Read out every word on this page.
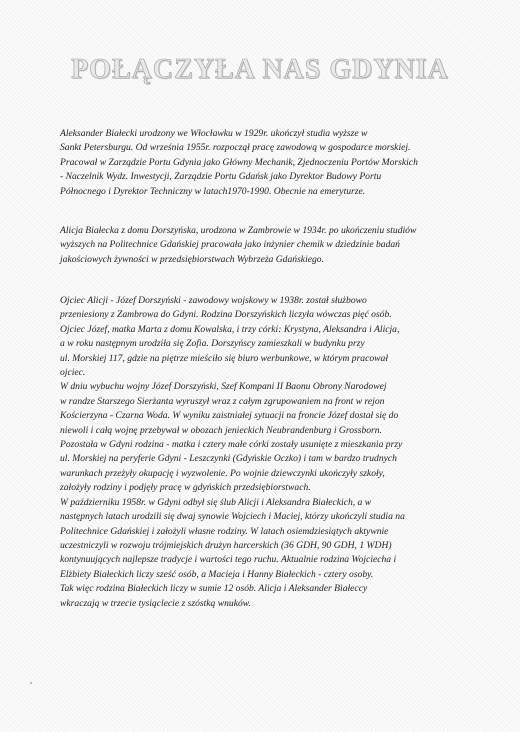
POŁĄCZYŁA NAS GDYNIA
Aleksander Białecki urodzony we Włocławku w 1929r. ukończył studia wyższe w
Sankt Petersburgu. Od września 1955r. rozpoczął pracę zawodową w gospodarce morskiej.
Pracował w Zarządzie Portu Gdynia jako Główny Mechanik, Zjednoczeniu Portów Morskich
- Naczelnik Wydz. Inwestycji, Zarządzie Portu Gdańsk jako Dyrektor Budowy Portu
Północnego i Dyrektor Techniczny w latach1970-1990. Obecnie na emeryturze.
Alicja Białecka z domu Dorszyńska, urodzona w Zambrowie w 1934r. po ukończeniu studiów
wyższych na Politechnice Gdańskiej pracowała jako inżynier chemik w dziedzinie badań
jakościowych żywności w przedsiębiorstwach Wybrzeża Gdańskiego.
Ojciec Alicji - Józef Dorszyński - zawodowy wojskowy w 1938r. został służbowo
przeniesiony z Zambrowa do Gdyni. Rodzina Dorszyńskich liczyła wówczas pięć osób.
Ojciec Józef, matka Marta z domu Kowalska, i trzy córki: Krystyna, Aleksandra i Alicja,
a w roku następnym urodziła się Zofia. Dorszyńscy zamieszkali w budynku przy
ul. Morskiej 117, gdzie na piętrze mieściło się biuro werbunkowe, w którym pracował
ojciec.
W dniu wybuchu wojny Józef Dorszyński, Szef Kompani II Baonu Obrony Narodowej
w randze Starszego Sierżanta wyruszył wraz z całym zgrupowaniem na front w rejon
Kościerzyna - Czarna Woda. W wyniku zaistniałej sytuacji na froncie Józef dostał się do
niewoli i całą wojnę przebywał w obozach jenieckich Neubrandenburg i Grossborn.
Pozostała w Gdyni rodzina - matka i cztery małe córki zostały usunięte z mieszkania przy
ul. Morskiej na peryferie Gdyni - Leszczynki (Gdyńskie Oczko) i tam w bardzo trudnych
warunkach przeżyły okupację i wyzwolenie. Po wojnie dziewczynki ukończyły szkoły,
założyły rodziny i podjęły pracę w gdyńskich przedsiębiorstwach.
W październiku 1958r. w Gdyni odbył się ślub Alicji i Aleksandra Białeckich, a w
następnych latach urodzili się dwaj synowie Wojciech i Maciej, którzy ukończyli studia na
Politechnice Gdańskiej i założyli własne rodziny. W latach osiemdziesiątych aktywnie
uczestniczyli w rozwoju trójmiejskich drużyn harcerskich (36 GDH, 90 GDH, 1 WDH)
kontynuujących najlepsze tradycje i wartości tego ruchu. Aktualnie rodzina Wojciecha i
Elżbiety Białeckich liczy sześć osób, a Macieja i Hanny Białeckich - cztery osoby.
Tak więc rodzina Białeckich liczy w sumie 12 osób. Alicja i Aleksander Białeccy
wkraczają w trzecie tysiąclecie z szóstką wnuków.
